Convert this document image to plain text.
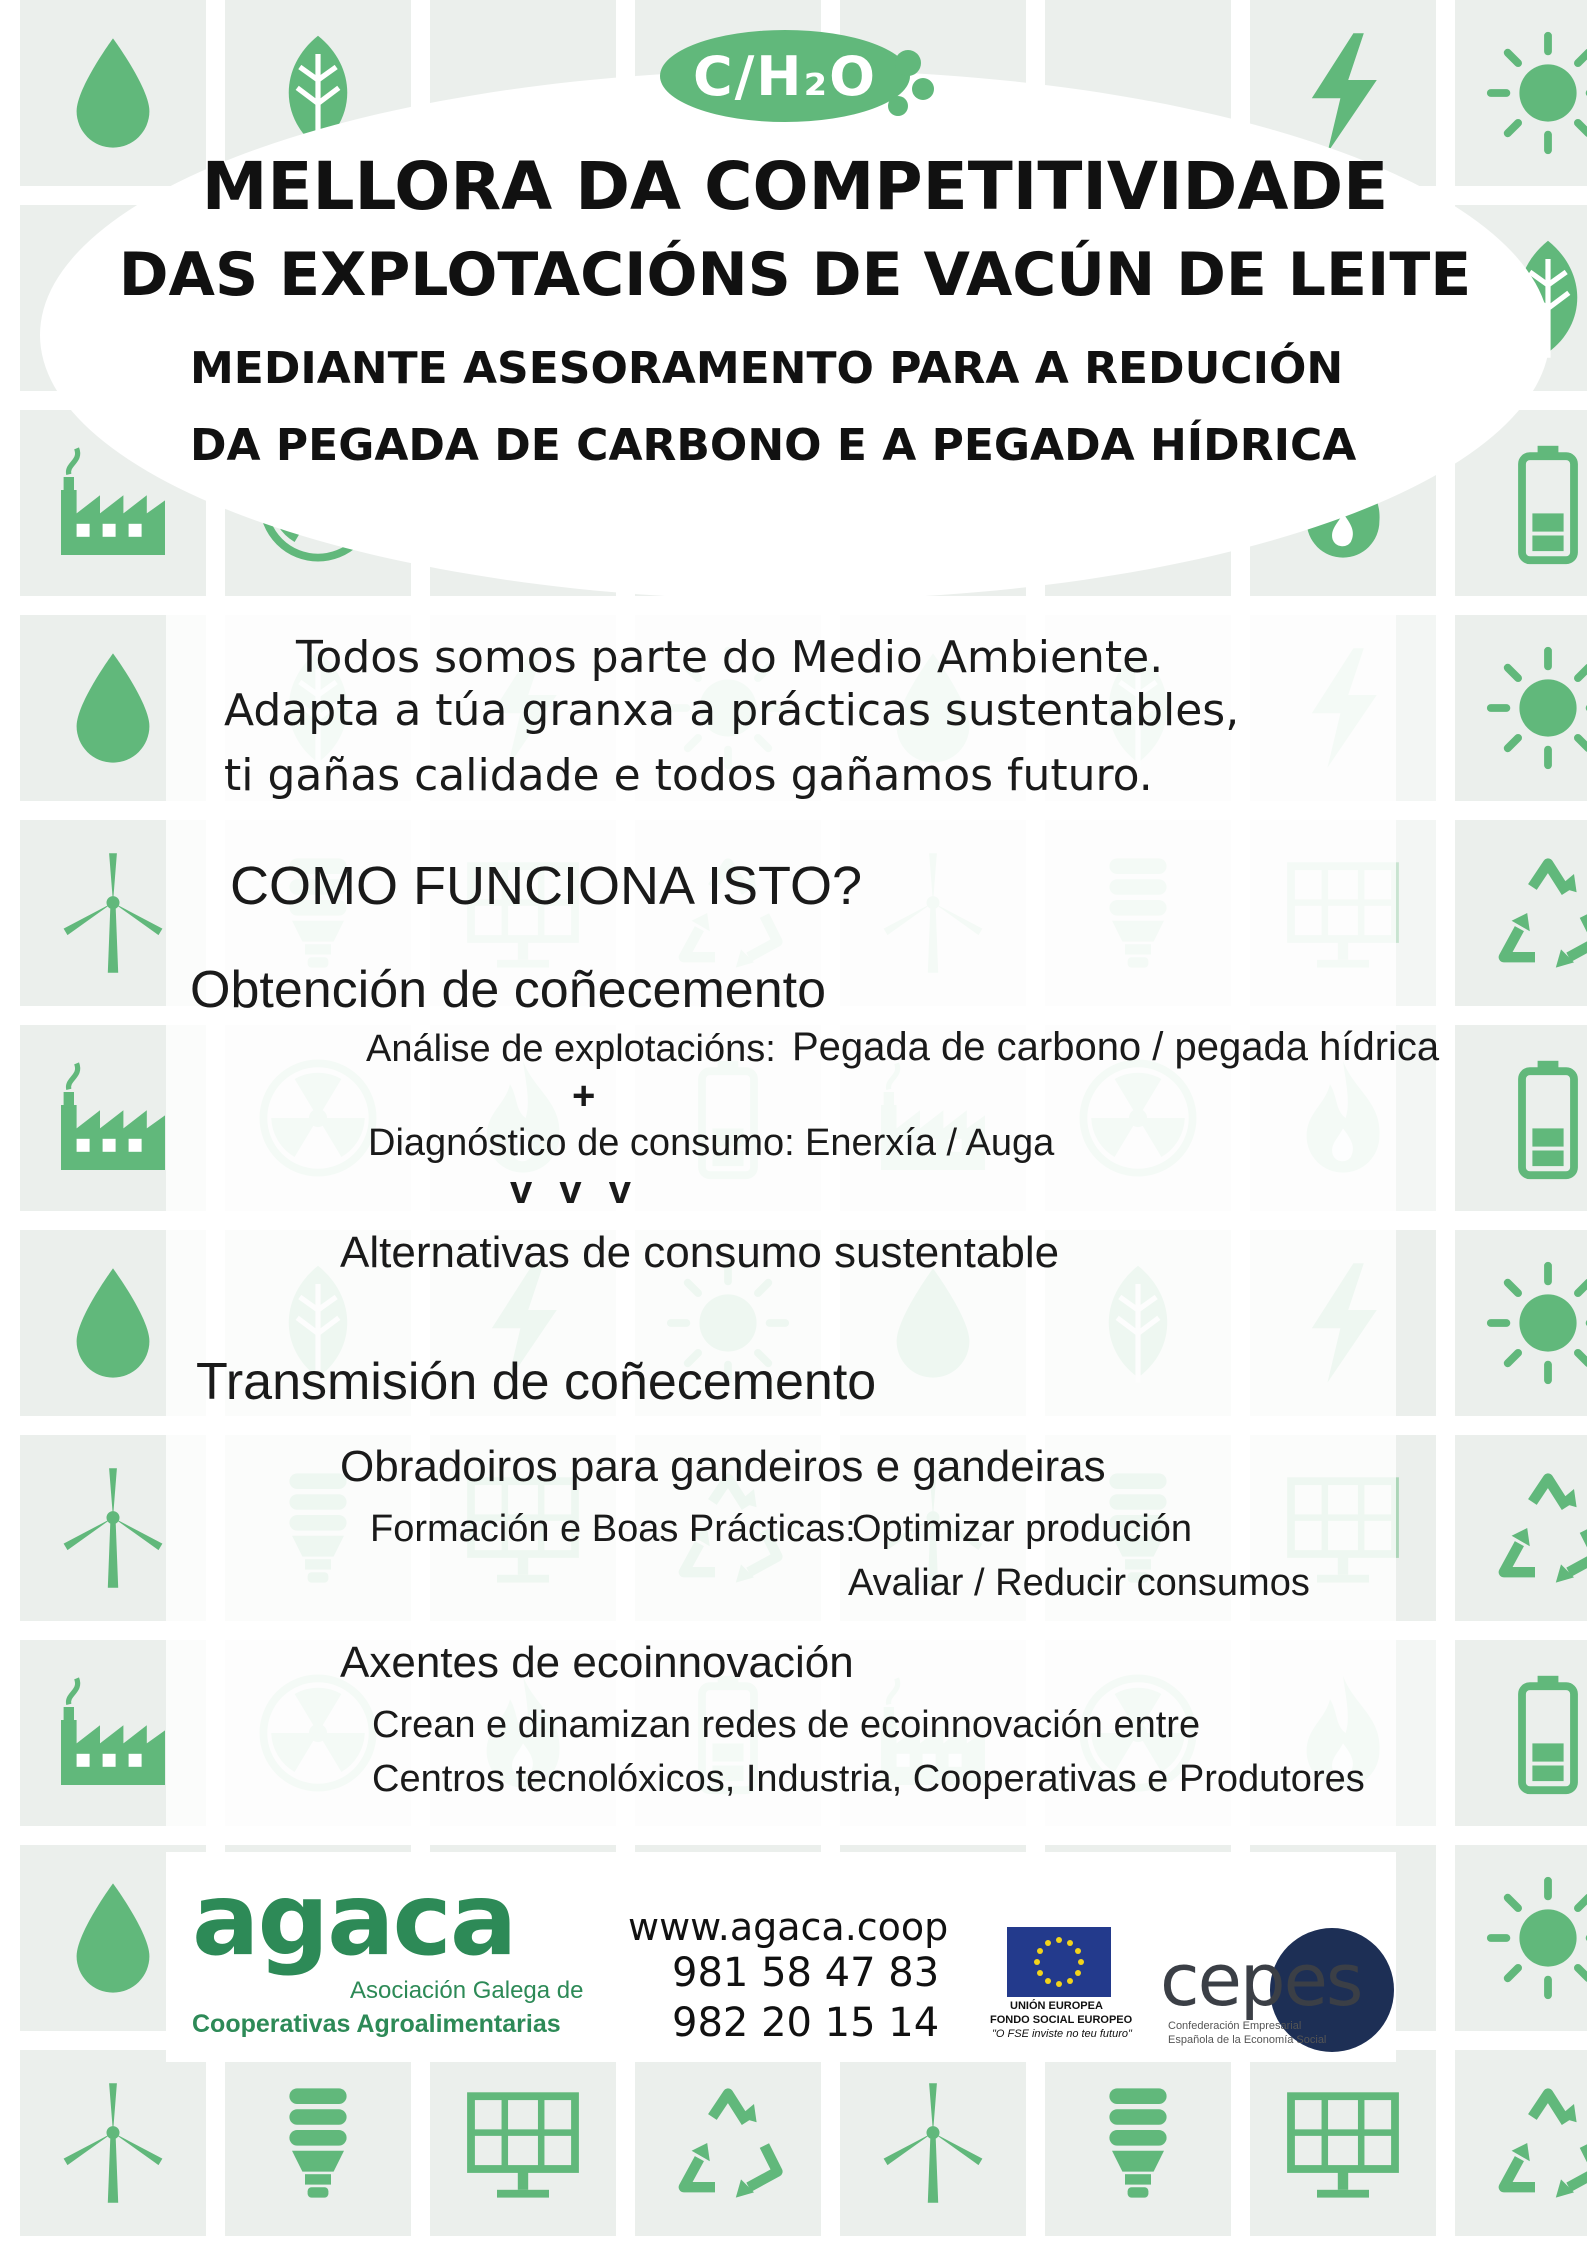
C/H₂O
MELLORA DA COMPETITIVIDADE
DAS EXPLOTACIÓNS DE VACÚN DE LEITE
MEDIANTE ASESORAMENTO PARA A REDUCIÓN
DA PEGADA DE CARBONO E A PEGADA HÍDRICA
Todos somos parte do Medio Ambiente.
Adapta a túa granxa a prácticas sustentables,
ti gañas calidade e todos gañamos futuro.
COMO FUNCIONA ISTO?
Obtención de coñecemento
Análise de explotacións: Pegada de carbono / pegada hídrica
+
Diagnóstico de consumo: Enerxía / Auga
v v v
Alternativas de consumo sustentable
Transmisión de coñecemento
Obradoiros para gandeiros e gandeiras
Formación e Boas Prácticas:
Optimizar produción
Avaliar / Reducir consumos
Axentes de ecoinnovación
Crean e dinamizan redes de ecoinnovación entre
Centros tecnolóxicos, Industria, Cooperativas e Produtores
agaca
Asociación Galega de
Cooperativas Agroalimentarias
www.agaca.coop
981 58 47 83
982 20 15 14	UNIÓN EUROPEA
FONDO SOCIAL EUROPEO
"O FSE inviste no teu futuro"
cepes
Confederación Empresarial
Española de la Economía Social
